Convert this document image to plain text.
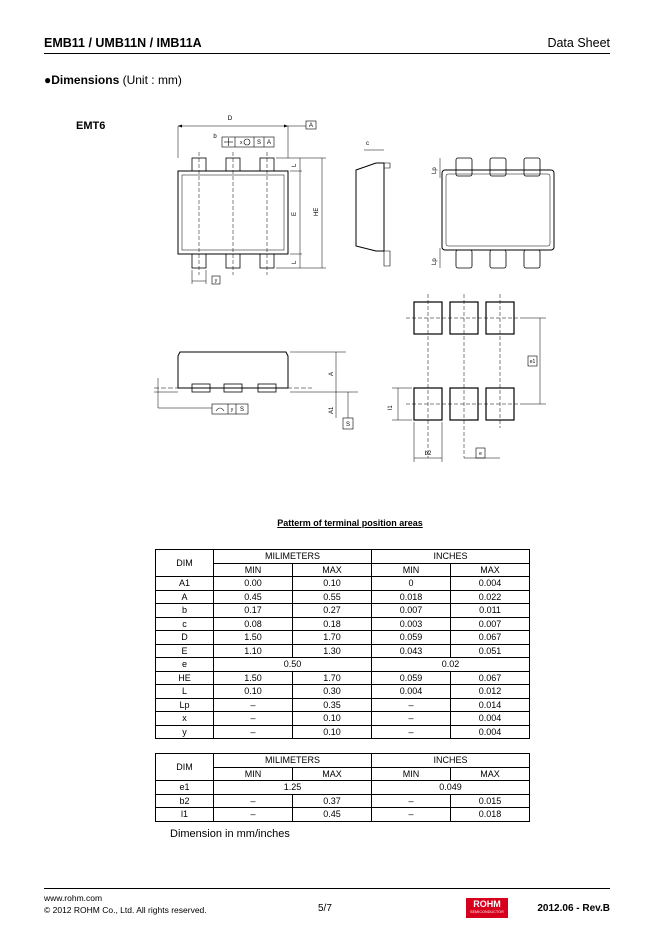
EMB11 / UMB11N / IMB11A	Data Sheet
●Dimensions (Unit : mm)
EMT6
D
A
b
x S A
y
L
E
L
HE
c
Lp
Lp
A
A1
S
y S
e1
l1
b2	e
Patterm of terminal position areas
DIM	MILIMETERS		INCHES	
	MIN	MAX	MIN	MAX
A1	0.00	0.10	0	0.004
A	0.45	0.55	0.018	0.022
b	0.17	0.27	0.007	0.011
c	0.08	0.18	0.003	0.007
D	1.50	1.70	0.059	0.067
E	1.10	1.30	0.043	0.051
e	0.50		0.02	
HE	1.50	1.70	0.059	0.067
L	0.10	0.30	0.004	0.012
Lp	–	0.35	–	0.014
x	–	0.10	–	0.004
y	–	0.10	–	0.004
DIM	MILIMETERS		INCHES	
	MIN	MAX	MIN	MAX
e1	1.25		0.049	
b2	–	0.37	–	0.015
l1	–	0.45	–	0.018
Dimension in mm/inches
www.rohm.com
© 2012 ROHM Co., Ltd. All rights reserved.	5/7	ROHM
SEMICONDUCTOR	2012.06 - Rev.B
